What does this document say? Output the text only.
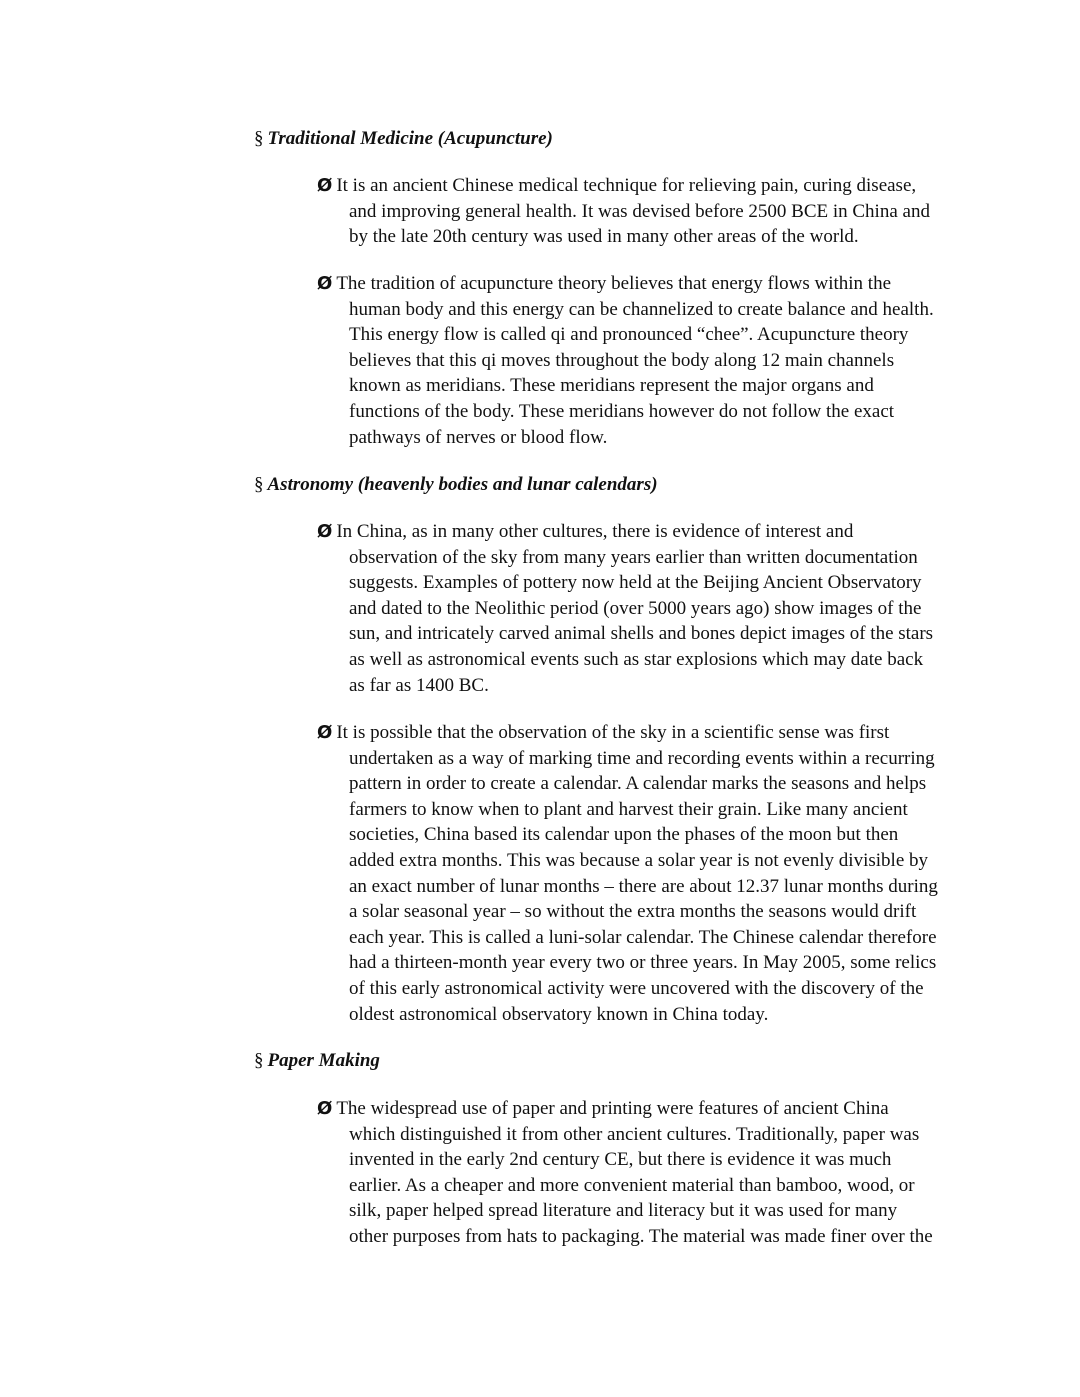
§ Traditional Medicine (Acupuncture)
Ø It is an ancient Chinese medical technique for relieving pain, curing disease,
and improving general health. It was devised before 2500 BCE in China and
by the late 20th century was used in many other areas of the world.
Ø The tradition of acupuncture theory believes that energy flows within the
human body and this energy can be channelized to create balance and health.
This energy flow is called qi and pronounced “chee”. Acupuncture theory
believes that this qi moves throughout the body along 12 main channels
known as meridians. These meridians represent the major organs and
functions of the body. These meridians however do not follow the exact
pathways of nerves or blood flow.
§ Astronomy (heavenly bodies and lunar calendars)
Ø In China, as in many other cultures, there is evidence of interest and
observation of the sky from many years earlier than written documentation
suggests. Examples of pottery now held at the Beijing Ancient Observatory
and dated to the Neolithic period (over 5000 years ago) show images of the
sun, and intricately carved animal shells and bones depict images of the stars
as well as astronomical events such as star explosions which may date back
as far as 1400 BC.
Ø It is possible that the observation of the sky in a scientific sense was first
undertaken as a way of marking time and recording events within a recurring
pattern in order to create a calendar. A calendar marks the seasons and helps
farmers to know when to plant and harvest their grain. Like many ancient
societies, China based its calendar upon the phases of the moon but then
added extra months. This was because a solar year is not evenly divisible by
an exact number of lunar months – there are about 12.37 lunar months during
a solar seasonal year – so without the extra months the seasons would drift
each year. This is called a luni-solar calendar. The Chinese calendar therefore
had a thirteen-month year every two or three years. In May 2005, some relics
of this early astronomical activity were uncovered with the discovery of the
oldest astronomical observatory known in China today.
§ Paper Making
Ø The widespread use of paper and printing were features of ancient China
which distinguished it from other ancient cultures. Traditionally, paper was
invented in the early 2nd century CE, but there is evidence it was much
earlier. As a cheaper and more convenient material than bamboo, wood, or
silk, paper helped spread literature and literacy but it was used for many
other purposes from hats to packaging. The material was made finer over the
